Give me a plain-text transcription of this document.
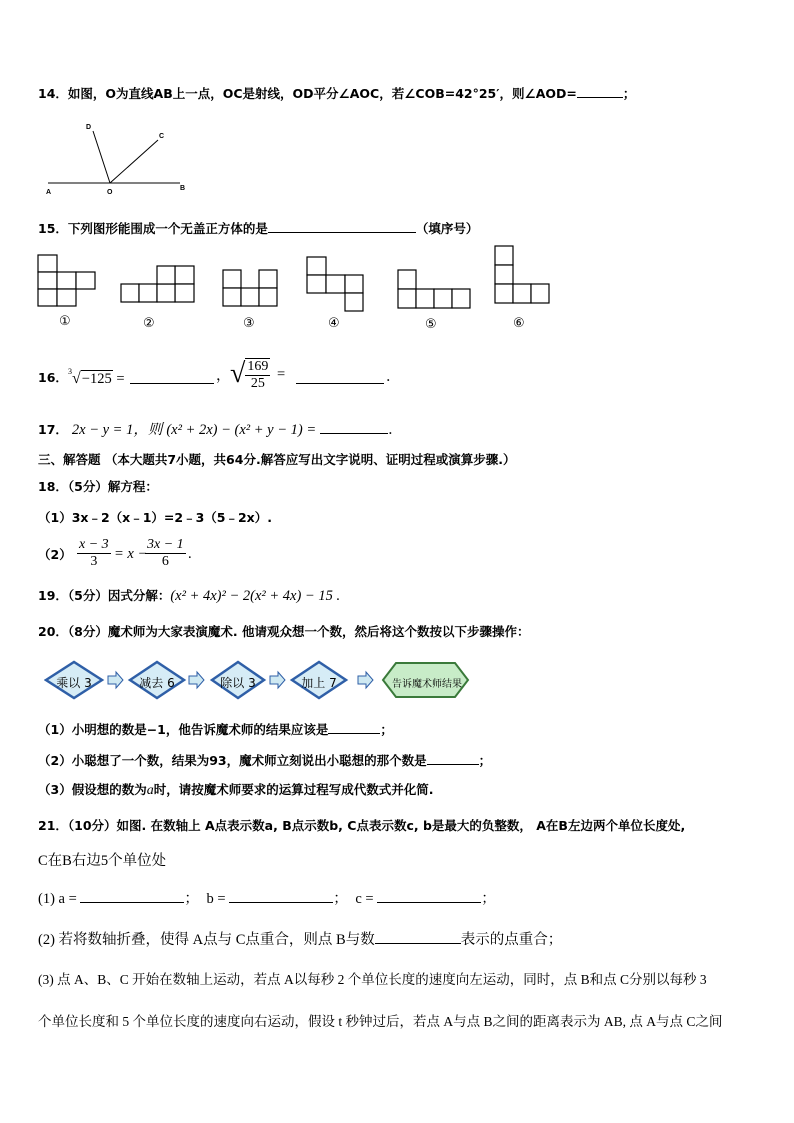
14．如图，O为直线AB上一点，OC是射线，OD平分∠AOC，若∠COB=42°25′，则∠AOD=	；
A	O
B
D
C
15．下列图形能围成一个无盖正方体的是	（填序号）
①	②	③	④	⑤	⑥
16． $^3$√−125 =	， √ $\frac{169}{25}$ =	．
17． 2x − y = 1，则 (x² + 2x) − (x² + y − 1) =	．
三、解答题 （本大题共7小题，共64分.解答应写出文字说明、证明过程或演算步骤.）
18．（5分）解方程：
（1）3x﹣2（x﹣1）=2﹣3（5﹣2x）.
$(2) \frac{x - 3}{3} = x$ −
$\frac{3x - 1}{6}$ .
19．（5分）因式分解：(x² + 4x)² − 2(x² + 4x) − 15 .
20．（8分）魔术师为大家表演魔术. 他请观众想一个数，然后将这个数按以下步骤操作：
乘以 3	减去 6	除以 3	加上 7	告诉魔术师结果
（1）小明想的数是−1，他告诉魔术师的结果应该是	；
（2）小聪想了一个数，结果为93，魔术师立刻说出小聪想的那个数是	；
（3）假设想的数为a时，请按魔术师要求的运算过程写成代数式并化简.
21．（10分）如图. 在数轴上 A点表示数a, B点示数b, C点表示数c, b是最大的负整数， A在B左边两个单位长度处,
C在B右边5个单位处
(1) a =	； b =	； c =	；
(2) 若将数轴折叠，使得 A点与 C点重合，则点 B与数	表示的点重合；
(3) 点 A、B、C 开始在数轴上运动，若点 A以每秒 2 个单位长度的速度向左运动，同时，点 B和点 C分别以每秒 3
个单位长度和 5 个单位长度的速度向右运动，假设 t 秒钟过后，若点 A与点 B之间的距离表示为 AB, 点 A与点 C之间
